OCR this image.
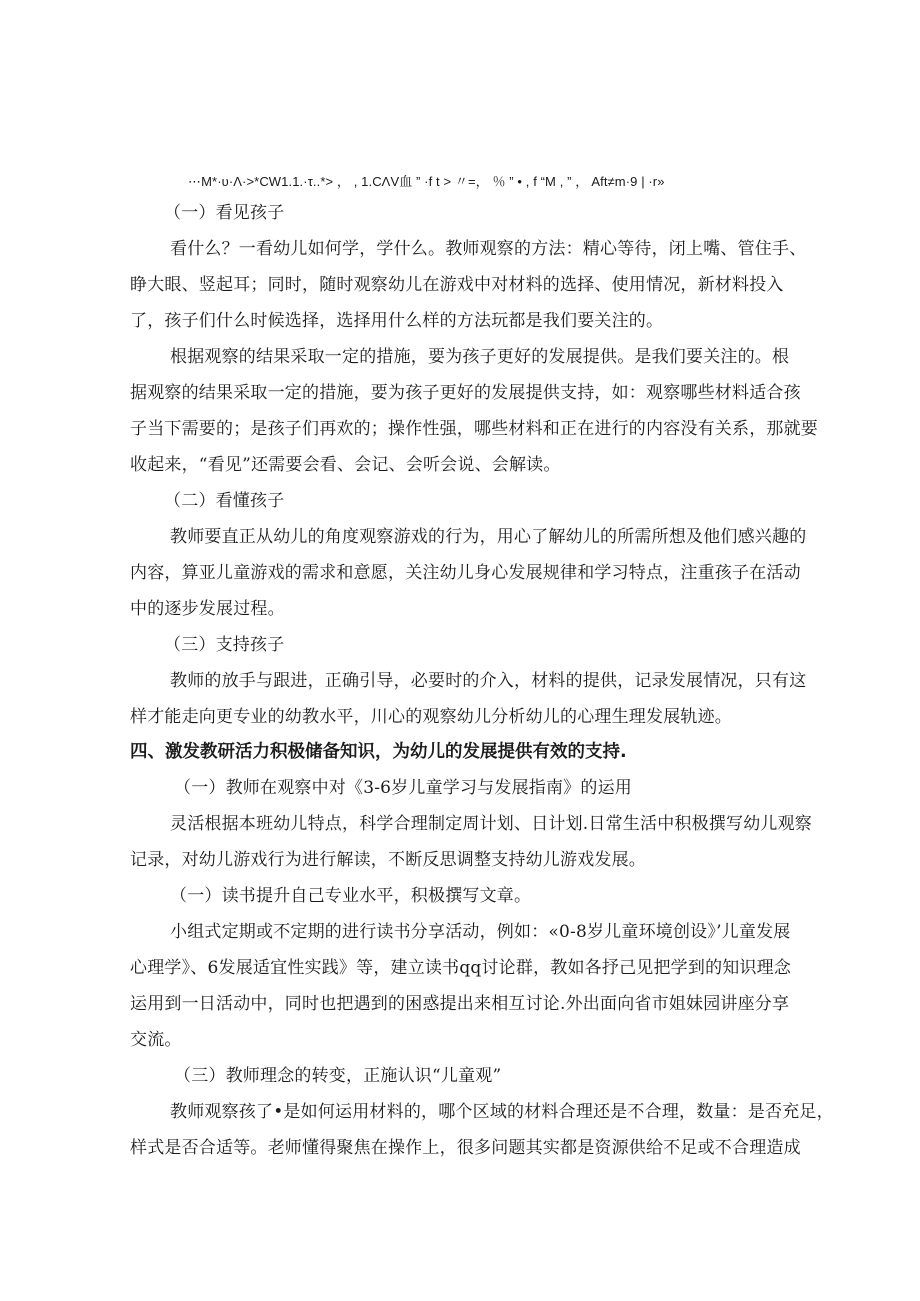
⋯M*·υ·Λ·>*CW1.1.·τ..*> ， , 1.CΛV血 ” ·f t > 〃=， ％ ” • , f “M , ” ， Aft≠m·9 | ·r»
（一）看见孩子
看什么？一看幼儿如何学，学什么。教师观察的方法：精心等待，闭上嘴、管住手、
睁大眼、竖起耳；同时，随时观察幼儿在游戏中对材料的选择、使用情况，新材料投入
了，孩子们什么时候选择，选择用什么样的方法玩都是我们要关注的。
根据观察的结果采取一定的措施，要为孩子更好的发展提供。是我们要关注的。根
据观察的结果采取一定的措施，要为孩子更好的发展提供支持，如：观察哪些材料适合孩
子当下需要的；是孩子们再欢的；操作性强，哪些材料和正在进行的内容没有关系，那就要
收起来，“看见”还需要会看、会记、会听会说、会解读。
（二）看懂孩子
教师要直正从幼儿的角度观察游戏的行为，用心了解幼儿的所需所想及他们感兴趣的
内容，算亚儿童游戏的需求和意愿，关注幼儿身心发展规律和学习特点，注重孩子在活动
中的逐步发展过程。
（三）支持孩子
教师的放手与跟进，正确引导，必要时的介入，材料的提供，记录发展情况，只有这
样才能走向更专业的幼教水平，川心的观察幼儿分析幼儿的心理生理发展轨迹。
四、激发教研活力积极储备知识，为幼儿的发展提供有效的支持.
（一）教师在观察中对《3-6岁儿童学习与发展指南》的运用
灵活根据本班幼儿特点，科学合理制定周计划、日计划.日常生活中积极撰写幼儿观察
记录，对幼儿游戏行为进行解读，不断反思调整支持幼儿游戏发展。
（一）读书提升自己专业水平，积极撰写文章。
小组式定期或不定期的进行读书分享活动，例如：«0-8岁儿童环境创设》’儿童发展
心理学》、6发展适宜性实践》等，建立读书qq讨论群，教如各抒己见把学到的知识理念
运用到一日活动中，同时也把遇到的困惑提出来相互讨论.外出面向省市姐妹园讲座分享
交流。
（三）教师理念的转变，正施认识“儿童观”
教师观察孩了•是如何运用材料的，哪个区域的材料合理还是不合理，数量：是否充足，
样式是否合适等。老师懂得聚焦在操作上，很多问题其实都是资源供给不足或不合理造成
